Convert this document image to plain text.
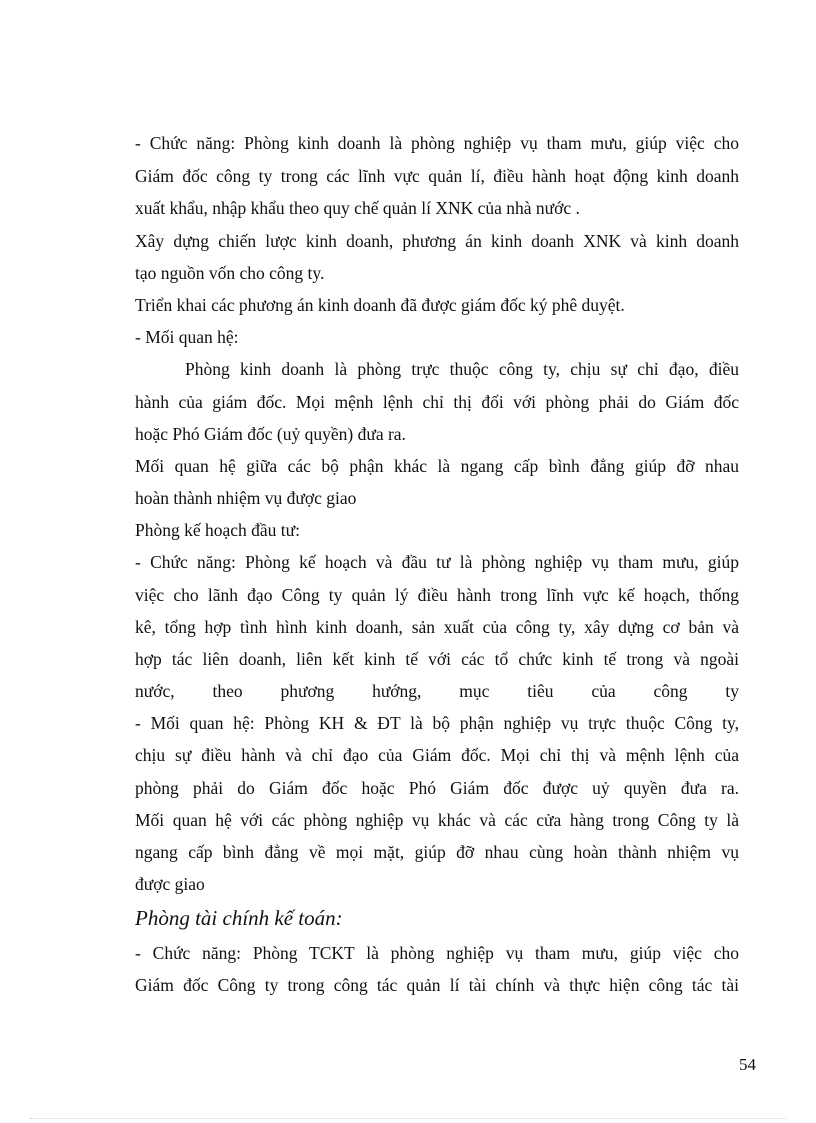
- Chức năng: Phòng kinh doanh là phòng nghiệp vụ tham mưu, giúp việc cho

Giám đốc công ty trong các lĩnh vực quản lí, điều hành hoạt động kinh doanh

xuất khẩu, nhập khẩu theo quy chế quản lí XNK của nhà nước .

Xây dựng chiến lược kinh doanh, phương án kinh doanh XNK và kinh doanh

tạo nguồn vốn cho công ty.

Triển khai các phương án kinh doanh đã được giám đốc ký phê duyệt.

- Mối quan hệ:

Phòng kinh doanh là phòng trực thuộc công ty, chịu sự chỉ đạo, điều

hành của giám đốc. Mọi mệnh lệnh chỉ thị đối với phòng phải do Giám đốc

hoặc Phó Giám đốc (uỷ quyền) đưa ra.

Mối quan hệ giữa các bộ phận khác là ngang cấp bình đẳng giúp đỡ nhau

hoàn thành nhiệm vụ được giao

Phòng kế hoạch đầu tư:

- Chức năng: Phòng kế hoạch và đầu tư là phòng nghiệp vụ tham mưu, giúp

việc cho lãnh đạo Công ty quản lý điều hành trong lĩnh vực kế hoạch, thống

kê, tổng hợp tình hình kinh doanh, sản xuất của công ty, xây dựng cơ bản và

hợp tác liên doanh, liên kết kinh tế với các tổ chức kinh tế trong và ngoài

nước, theo phương hướng, mục tiêu của công ty

- Mối quan hệ: Phòng KH & ĐT là bộ phận nghiệp vụ trực thuộc Công ty,

chịu sự điều hành và chỉ đạo của Giám đốc. Mọi chỉ thị và mệnh lệnh của

phòng phải do Giám đốc hoặc Phó Giám đốc được uỷ quyền đưa ra.

Mối quan hệ với các phòng nghiệp vụ khác và các cửa hàng trong Công ty là

ngang cấp bình đẳng về mọi mặt, giúp đỡ nhau cùng hoàn thành nhiệm vụ

được giao

Phòng tài chính kế toán:

- Chức năng: Phòng TCKT là phòng nghiệp vụ tham mưu, giúp việc cho

Giám đốc Công ty trong công tác quản lí tài chính và thực hiện công tác tài

54
